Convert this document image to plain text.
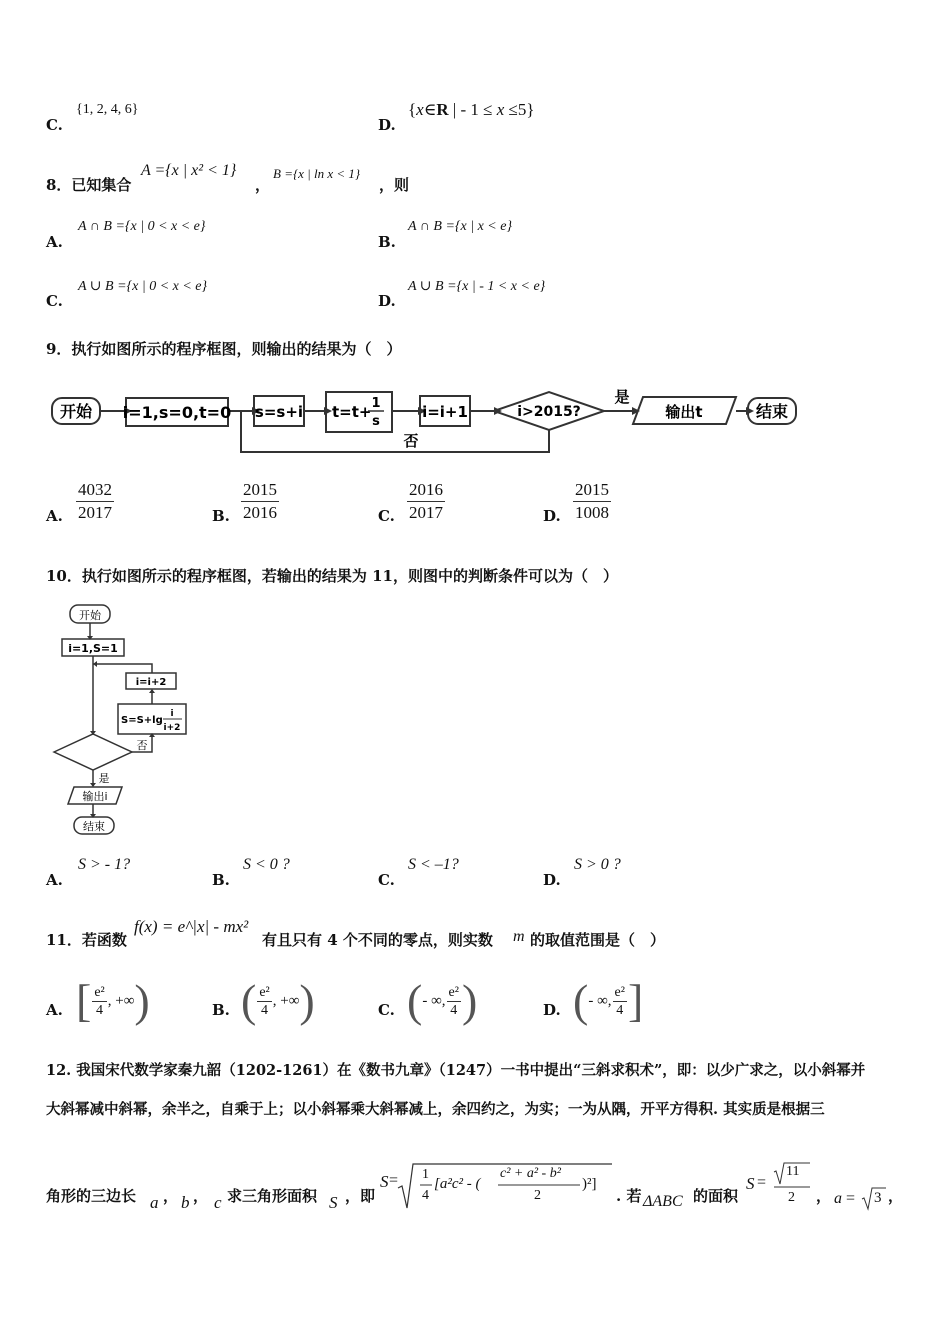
C.
{1, 2, 4, 6}
D.
{x∈R | - 1 ≤ x ≤5}
8．已知集合
A ={x | x² < 1}
，
B ={x | ln x < 1}
，则
A.
A ∩ B ={x | 0 < x < e}
B.
A ∩ B ={x | x < e}
C.
A ∪ B ={x | 0 < x < e}
D.
A ∪ B ={x | - 1 < x < e}
9．执行如图所示的程序框图，则输出的结果为（　）
开始 i=1,s=0,t=0 s=s+i t=t+ 1
s
i=i+1	i>2015?
是
否
输出t	结束
A. $\frac{4032}{2017}$	B. $\frac{2015}{2016}$	C. $\frac{2016}{2017}$	D. $\frac{2015}{1008}$
10．执行如图所示的程序框图，若输出的结果为 11，则图中的判断条件可以为（　）
开始
i=1,S=1
i=i+2
S=S+lg
i
i+2
否
是
输出i
结束
A.
S > - 1?
B.
S < 0 ?
C.
S < –1?
D.
S > 0 ?
11．若函数
f(x) = e^|x| - mx²
有且只有 4 个不同的零点，则实数 m 的取值范围是（　）
A. [ $\frac{\text{e²}}{4}$ , +∞ )	B. ( $\frac{\text{e²}}{4}$ , +∞ )	C. ( - ∞, $\frac{\text{e²}}{4}$ )	D. ( - ∞, $\frac{\text{e²}}{4}$ ]
12. 我国宋代数学家秦九韶（1202-1261）在《数书九章》（1247）一书中提出“三斜求积术”，即：以少广求之，以小斜幂并
大斜幂减中斜幂，余半之，自乘于上；以小斜幂乘大斜幂减上，余四约之，为实；一为从隅，开平方得积. 其实质是根据三
角形的三边长 a ， b ， c 求三角形面积 S ，即
S = 1
4
[a²c² - (
c² + a² - b²
2
)²]
. 若 ΔABC 的面积
S =
11
2 ， a = 3 ，
